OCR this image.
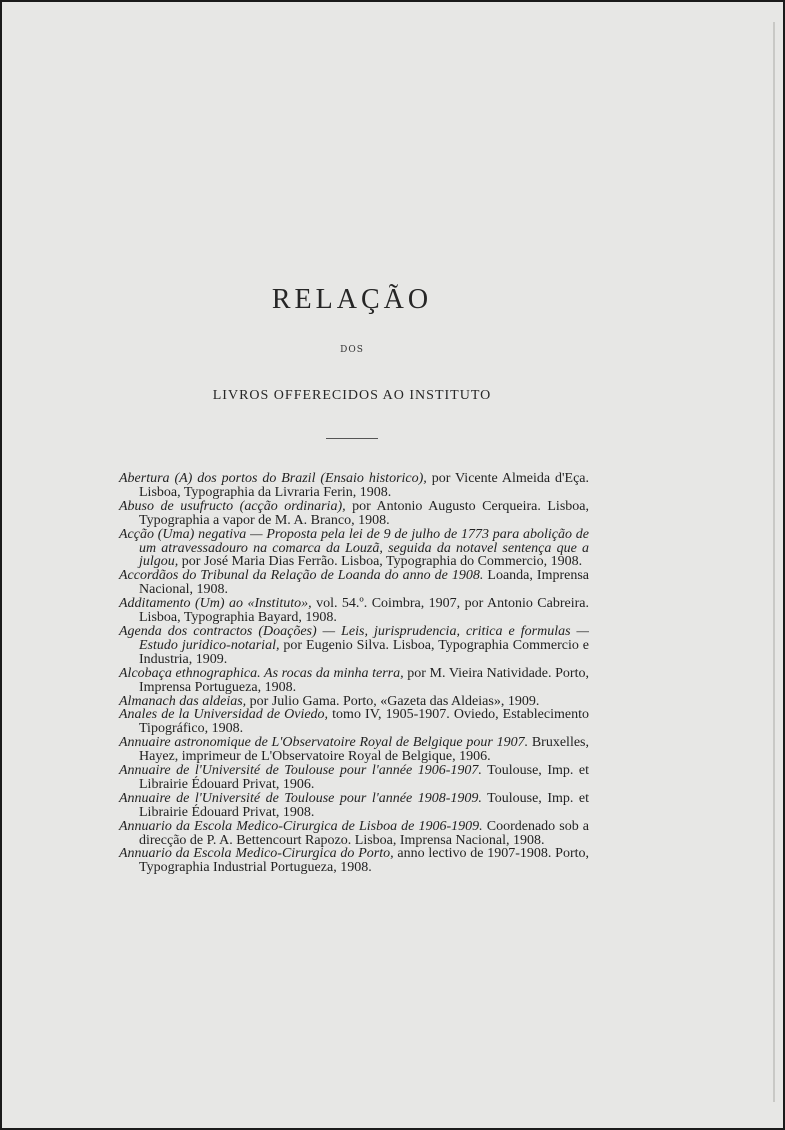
RELAÇÃO
DOS
LIVROS OFFERECIDOS AO INSTITUTO
Abertura (A) dos portos do Brazil (Ensaio historico), por Vicente Almeida d'Eça. Lisboa, Typographia da Livraria Ferin, 1908.
Abuso de usufructo (acção ordinaria), por Antonio Augusto Cerqueira. Lisboa, Typographia a vapor de M. A. Branco, 1908.
Acção (Uma) negativa — Proposta pela lei de 9 de julho de 1773 para abolição de um atravessadouro na comarca da Louzã, seguida da notavel sentença que a julgou, por José Maria Dias Ferrão. Lisboa, Typographia do Commercio, 1908.
Accordãos do Tribunal da Relação de Loanda do anno de 1908. Loanda, Imprensa Nacional, 1908.
Additamento (Um) ao «Instituto», vol. 54.º. Coimbra, 1907, por Antonio Cabreira. Lisboa, Typographia Bayard, 1908.
Agenda dos contractos (Doações) — Leis, jurisprudencia, critica e formulas — Estudo juridico-notarial, por Eugenio Silva. Lisboa, Typographia Commercio e Industria, 1909.
Alcobaça ethnographica. As rocas da minha terra, por M. Vieira Natividade. Porto, Imprensa Portugueza, 1908.
Almanach das aldeias, por Julio Gama. Porto, «Gazeta das Aldeias», 1909.
Anales de la Universidad de Oviedo, tomo IV, 1905-1907. Oviedo, Establecimento Tipográfico, 1908.
Annuaire astronomique de L'Observatoire Royal de Belgique pour 1907. Bruxelles, Hayez, imprimeur de L'Observatoire Royal de Belgique, 1906.
Annuaire de l'Université de Toulouse pour l'année 1906-1907. Toulouse, Imp. et Librairie Édouard Privat, 1906.
Annuaire de l'Université de Toulouse pour l'année 1908-1909. Toulouse, Imp. et Librairie Édouard Privat, 1908.
Annuario da Escola Medico-Cirurgica de Lisboa de 1906-1909. Coordenado sob a direcção de P. A. Bettencourt Rapozo. Lisboa, Imprensa Nacional, 1908.
Annuario da Escola Medico-Cirurgica do Porto, anno lectivo de 1907-1908. Porto, Typographia Industrial Portugueza, 1908.
